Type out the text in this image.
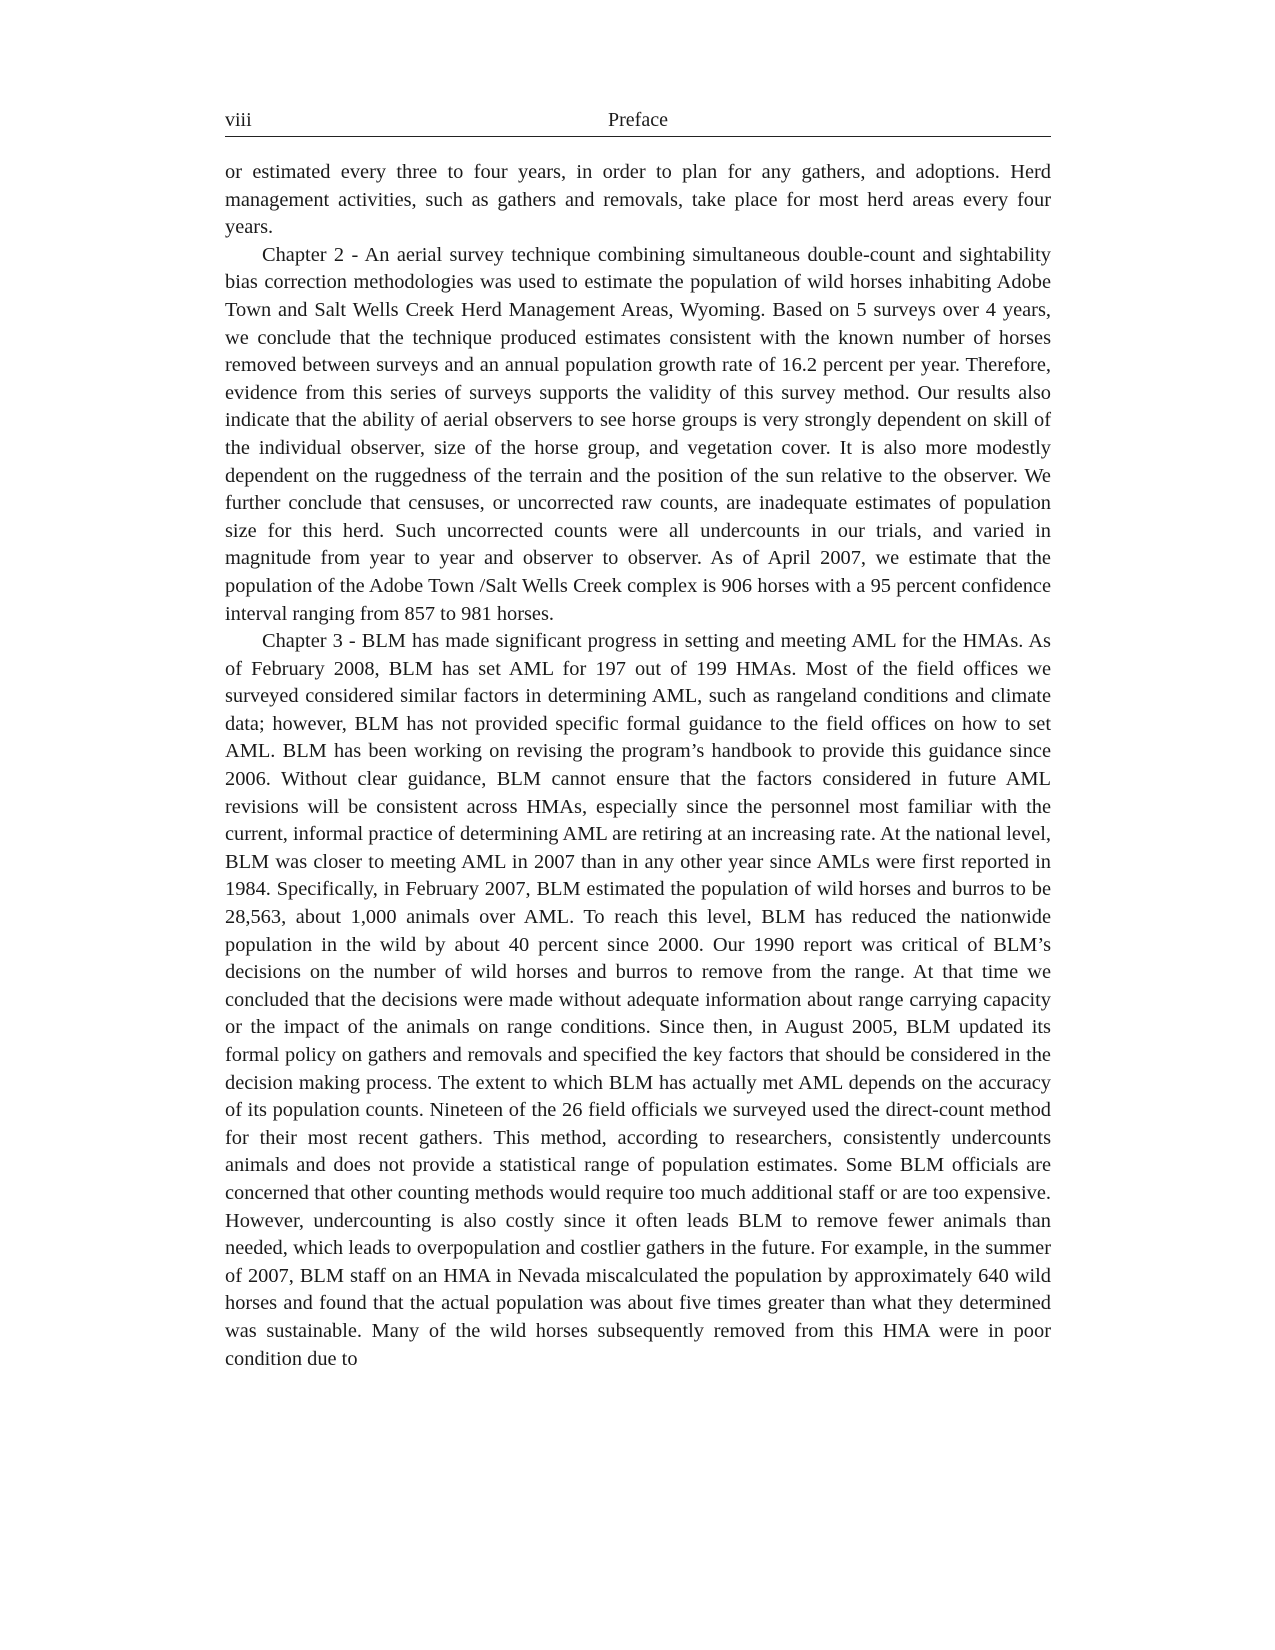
viii	Preface

or estimated every three to four years, in order to plan for any gathers, and adoptions. Herd management activities, such as gathers and removals, take place for most herd areas every four years.

Chapter 2 - An aerial survey technique combining simultaneous double-count and sightability bias correction methodologies was used to estimate the population of wild horses inhabiting Adobe Town and Salt Wells Creek Herd Management Areas, Wyoming. Based on 5 surveys over 4 years, we conclude that the technique produced estimates consistent with the known number of horses removed between surveys and an annual population growth rate of 16.2 percent per year. Therefore, evidence from this series of surveys supports the validity of this survey method. Our results also indicate that the ability of aerial observers to see horse groups is very strongly dependent on skill of the individual observer, size of the horse group, and vegetation cover. It is also more modestly dependent on the ruggedness of the terrain and the position of the sun relative to the observer. We further conclude that censuses, or uncorrected raw counts, are inadequate estimates of population size for this herd. Such uncorrected counts were all undercounts in our trials, and varied in magnitude from year to year and observer to observer. As of April 2007, we estimate that the population of the Adobe Town /Salt Wells Creek complex is 906 horses with a 95 percent confidence interval ranging from 857 to 981 horses.

Chapter 3 - BLM has made significant progress in setting and meeting AML for the HMAs. As of February 2008, BLM has set AML for 197 out of 199 HMAs. Most of the field offices we surveyed considered similar factors in determining AML, such as rangeland conditions and climate data; however, BLM has not provided specific formal guidance to the field offices on how to set AML. BLM has been working on revising the program’s handbook to provide this guidance since 2006. Without clear guidance, BLM cannot ensure that the factors considered in future AML revisions will be consistent across HMAs, especially since the personnel most familiar with the current, informal practice of determining AML are retiring at an increasing rate. At the national level, BLM was closer to meeting AML in 2007 than in any other year since AMLs were first reported in 1984. Specifically, in February 2007, BLM estimated the population of wild horses and burros to be 28,563, about 1,000 animals over AML. To reach this level, BLM has reduced the nationwide population in the wild by about 40 percent since 2000. Our 1990 report was critical of BLM’s decisions on the number of wild horses and burros to remove from the range. At that time we concluded that the decisions were made without adequate information about range carrying capacity or the impact of the animals on range conditions. Since then, in August 2005, BLM updated its formal policy on gathers and removals and specified the key factors that should be considered in the decision making process. The extent to which BLM has actually met AML depends on the accuracy of its population counts. Nineteen of the 26 field officials we surveyed used the direct-count method for their most recent gathers. This method, according to researchers, consistently undercounts animals and does not provide a statistical range of population estimates. Some BLM officials are concerned that other counting methods would require too much additional staff or are too expensive. However, undercounting is also costly since it often leads BLM to remove fewer animals than needed, which leads to overpopulation and costlier gathers in the future. For example, in the summer of 2007, BLM staff on an HMA in Nevada miscalculated the population by approximately 640 wild horses and found that the actual population was about five times greater than what they determined was sustainable. Many of the wild horses subsequently removed from this HMA were in poor condition due to
